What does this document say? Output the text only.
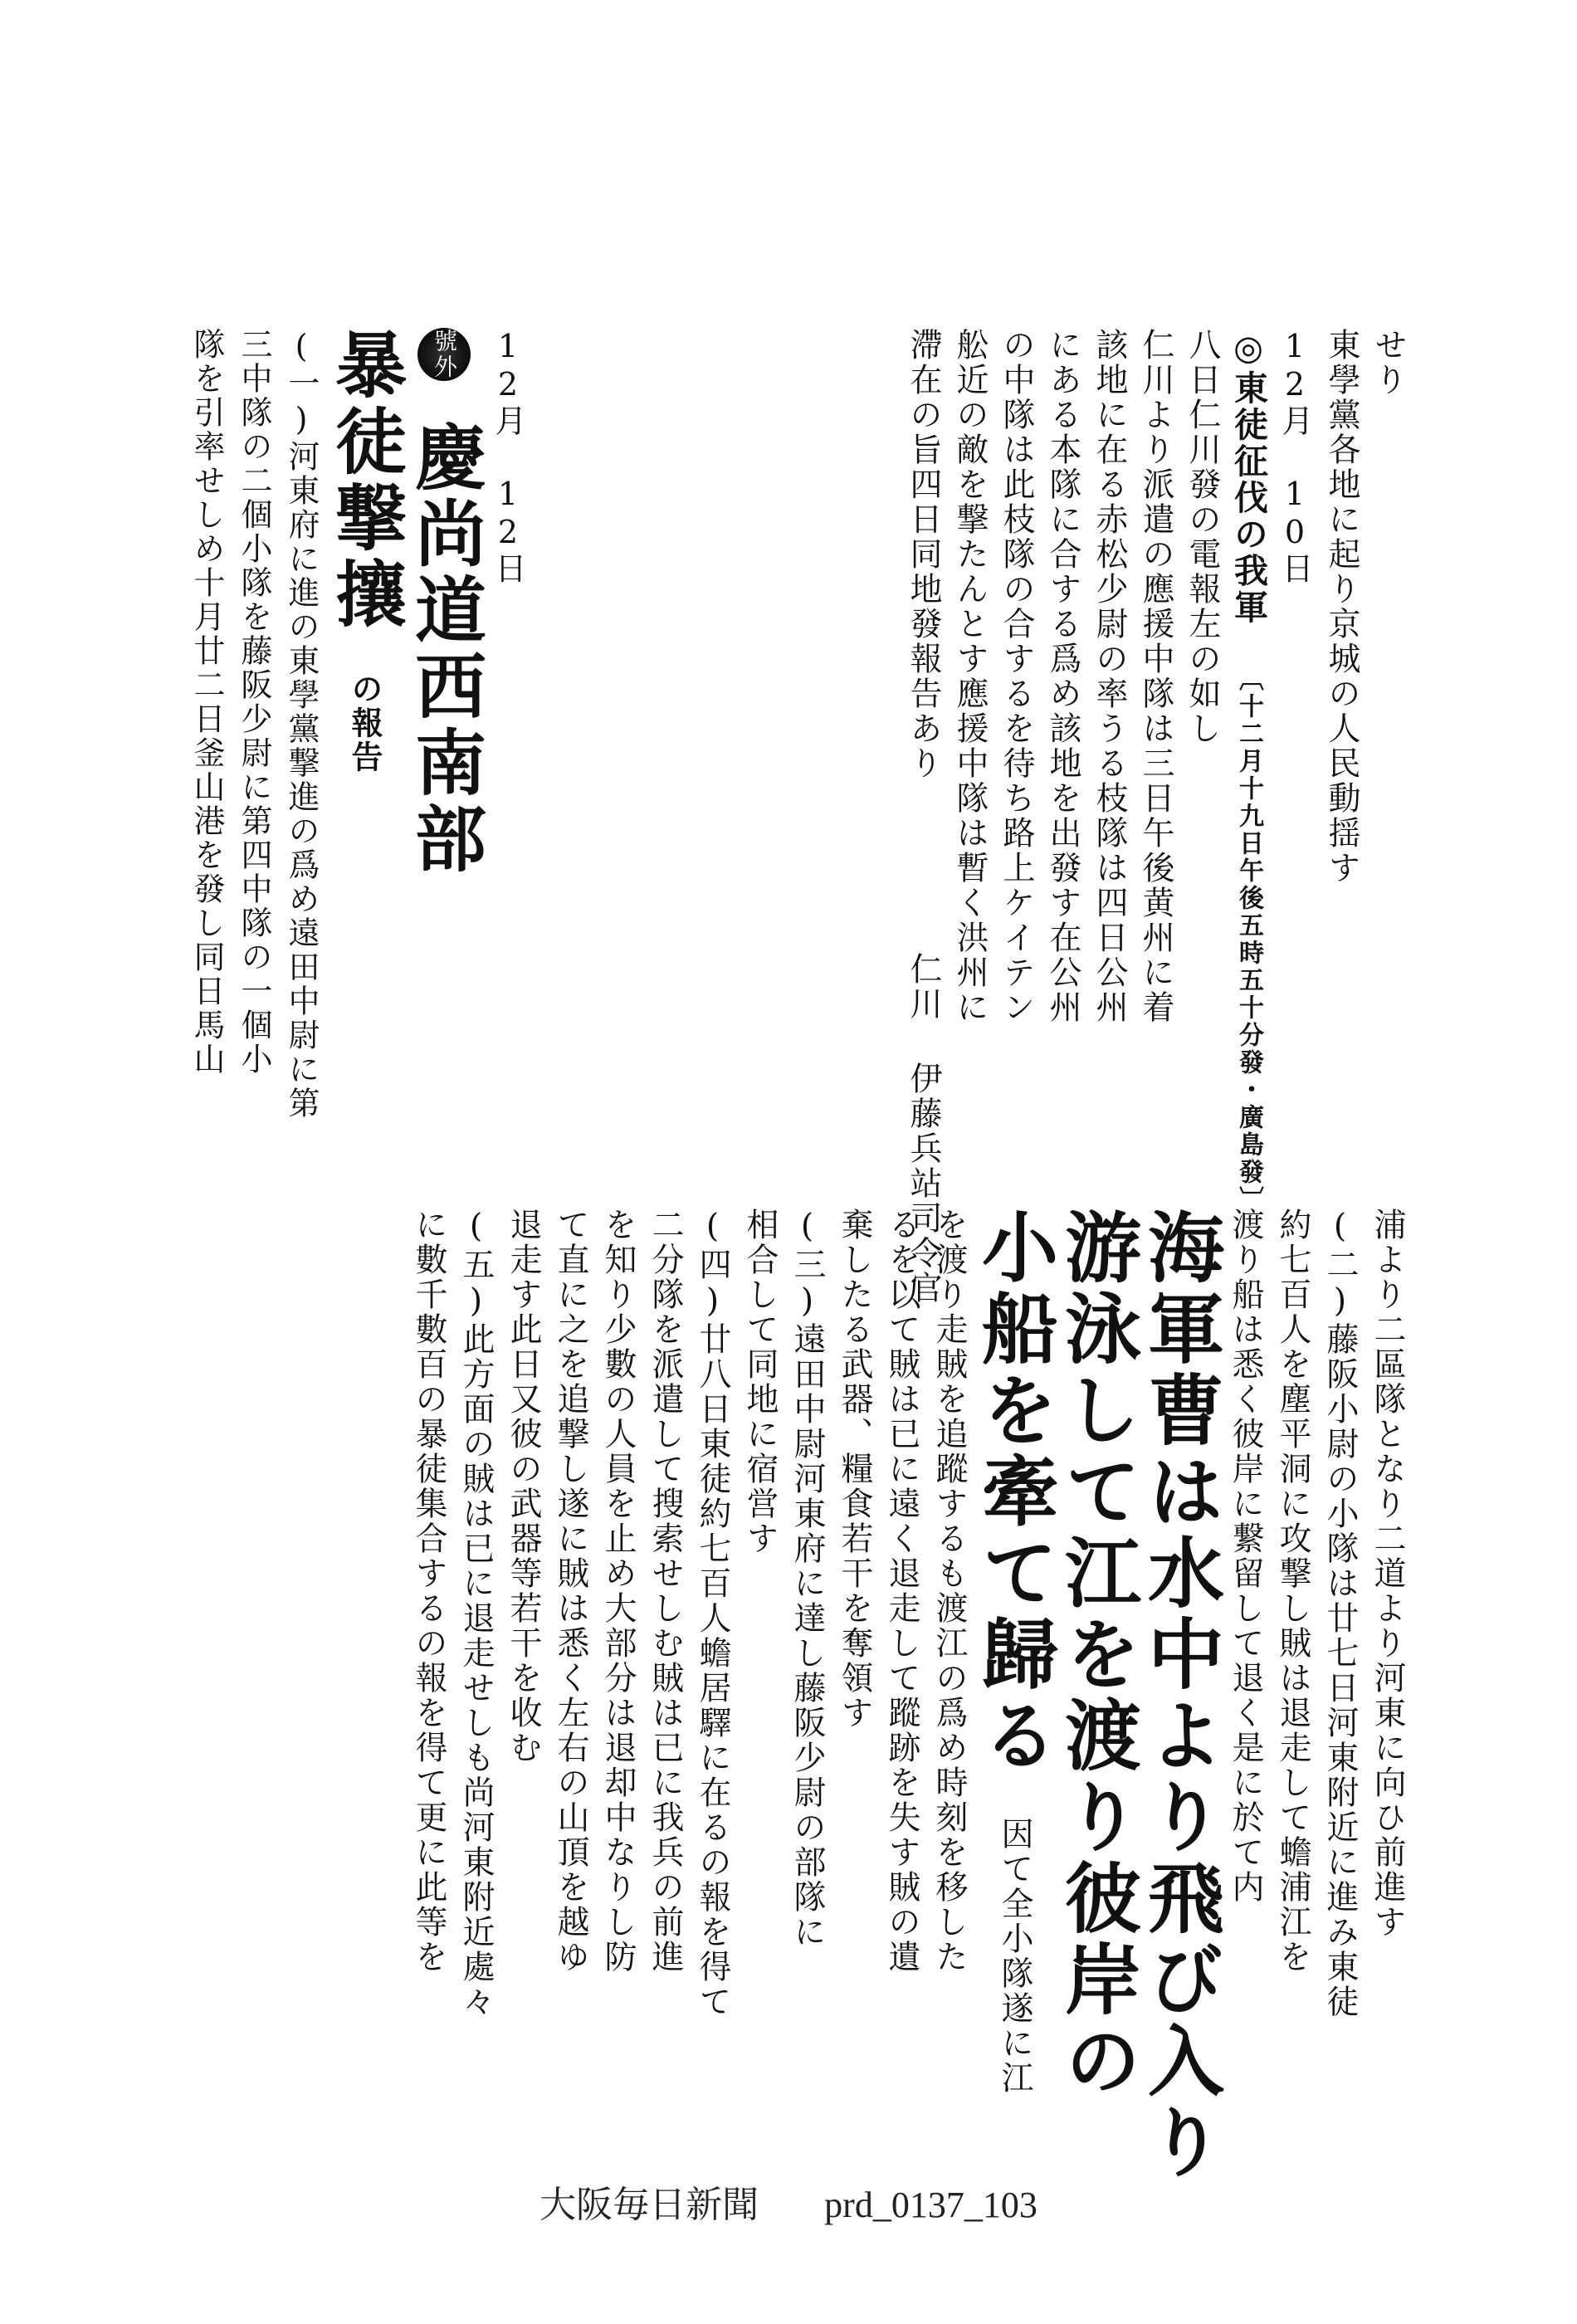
せり
東學黨各地に起り京城の人民動揺す
12月 10日
◎東徒征伐の我軍 〔十二月十九日午後五時五十分發・廣島發〕
八日仁川發の電報左の如し
仁川より派遣の應援中隊は三日午後黄州に着
該地に在る赤松少尉の率うる枝隊は四日公州
にある本隊に合する爲め該地を出發す在公州
の中隊は此枝隊の合するを待ち路上ケイテン
舩近の敵を撃たんとす應援中隊は暫く洪州に
滯在の旨四日同地發報告あり  仁川 伊藤兵站司令官
12月 12日
號外 慶尚道西南部
暴徒撃攘 の報告
(一)河東府に進の東學黨撃進の爲め遠田中尉に第
三中隊の二個小隊を藤阪少尉に第四中隊の一個小
隊を引率せしめ十月廿二日釜山港を發し同日馬山
浦より二區隊となり二道より河東に向ひ前進す
(二)藤阪小尉の小隊は廿七日河東附近に進み東徒
約七百人を塵平洞に攻撃し賊は退走して蟾浦江を
渡り船は悉く彼岸に繋留して退く是に於て内
海軍曹は水中より飛び入り
游泳して江を渡り彼岸の
小船を牽て歸る 因て全小隊遂に江
を渡り走賊を追蹤するも渡江の爲め時刻を移した
るを以て賊は已に遠く退走して蹤跡を失す賊の遺
棄したる武器、糧食若干を奪領す
(三)遠田中尉河東府に達し藤阪少尉の部隊に
相合して同地に宿営す
(四)廿八日東徒約七百人蟾居驛に在るの報を得て
二分隊を派遣して搜索せしむ賊は已に我兵の前進
を知り少數の人員を止め大部分は退却中なりし防
て直に之を追撃し遂に賊は悉く左右の山頂を越ゆ
退走す此日又彼の武器等若干を收む
(五)此方面の賊は已に退走せしも尚河東附近處々
に數千數百の暴徒集合するの報を得て更に此等を
大阪毎日新聞 prd_0137_103
